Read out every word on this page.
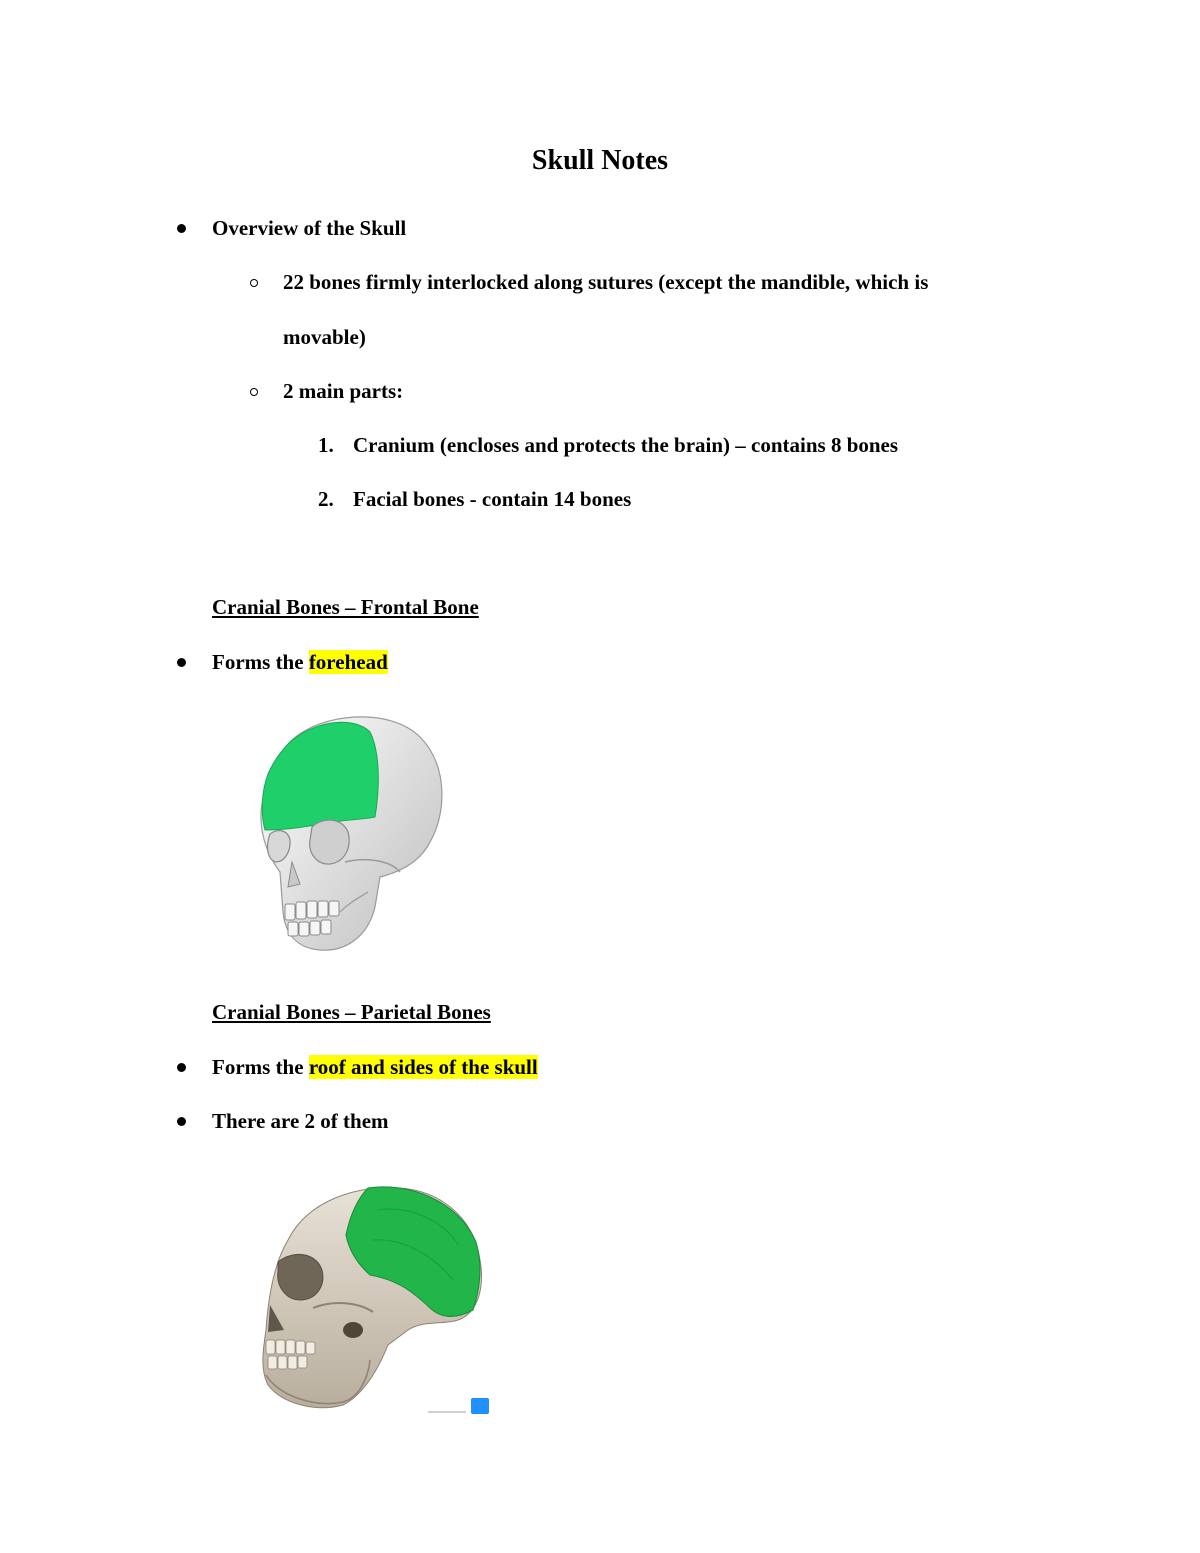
Skull Notes
Overview of the Skull
22 bones firmly interlocked along sutures (except the mandible, which is
movable)
2 main parts:
1. Cranium (encloses and protects the brain) – contains 8 bones
2. Facial bones - contain 14 bones
Cranial Bones – Frontal Bone
Forms the forehead
Cranial Bones – Parietal Bones
Forms the roof and sides of the skull
There are 2 of them
